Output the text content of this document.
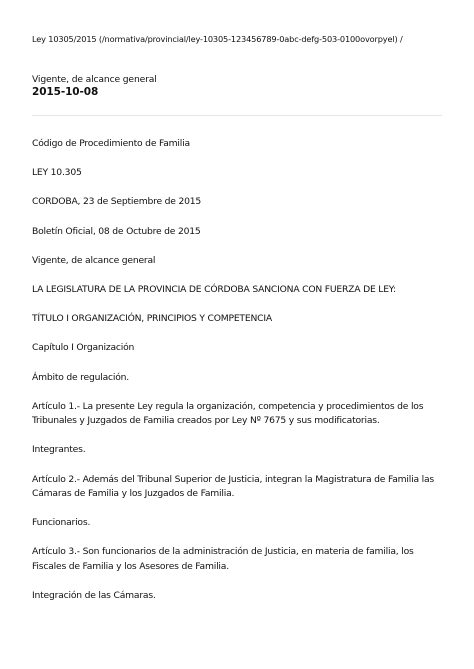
Ley 10305/2015 (/normativa/provincial/ley-10305-123456789-0abc-defg-503-0100ovorpyel) /
Vigente, de alcance general
2015-10-08

Código de Procedimiento de Familia

LEY 10.305

CORDOBA, 23 de Septiembre de 2015

Boletín Oficial, 08 de Octubre de 2015

Vigente, de alcance general

LA LEGISLATURA DE LA PROVINCIA DE CÓRDOBA SANCIONA CON FUERZA DE LEY:

TÍTULO I ORGANIZACIÓN, PRINCIPIOS Y COMPETENCIA

Capítulo I Organización

Ámbito de regulación.

Artículo 1.- La presente Ley regula la organización, competencia y procedimientos de los Tribunales y Juzgados de Familia creados por Ley Nº 7675 y sus modificatorias.

Integrantes.

Artículo 2.- Además del Tribunal Superior de Justicia, integran la Magistratura de Familia las Cámaras de Familia y los Juzgados de Familia.

Funcionarios.

Artículo 3.- Son funcionarios de la administración de Justicia, en materia de familia, los Fiscales de Familia y los Asesores de Familia.

Integración de las Cámaras.
